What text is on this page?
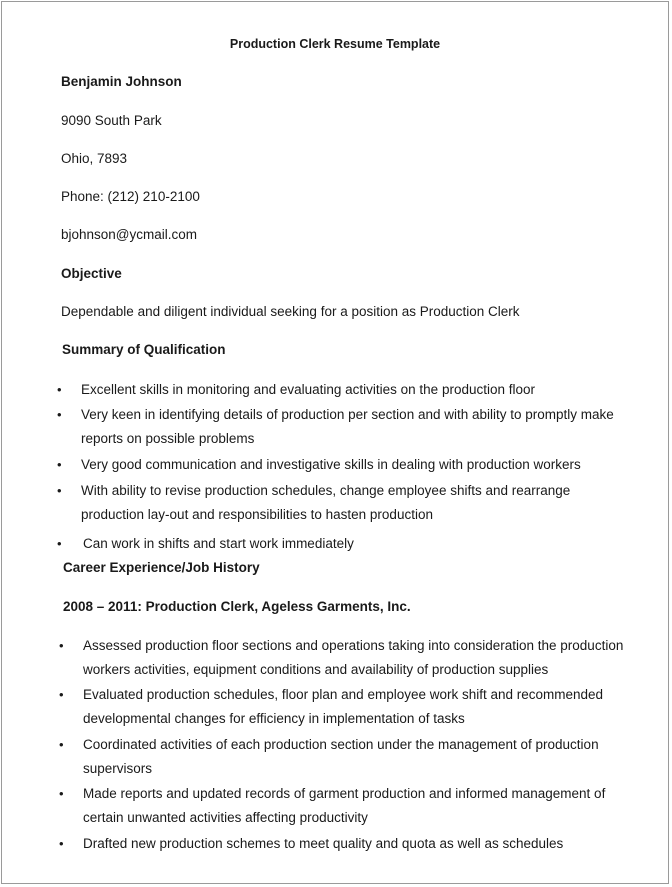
Production Clerk Resume Template
Benjamin Johnson
9090 South Park
Ohio, 7893
Phone: (212) 210-2100
bjohnson@ycmail.com
Objective
Dependable and diligent individual seeking for a position as Production Clerk
Summary of Qualification
• Excellent skills in monitoring and evaluating activities on the production floor
• Very keen in identifying details of production per section and with ability to promptly make reports on possible problems
• Very good communication and investigative skills in dealing with production workers
• With ability to revise production schedules, change employee shifts and rearrange production lay-out and responsibilities to hasten production
• Can work in shifts and start work immediately
Career Experience/Job History
2008 – 2011: Production Clerk, Ageless Garments, Inc.
• Assessed production floor sections and operations taking into consideration the production workers activities, equipment conditions and availability of production supplies
• Evaluated production schedules, floor plan and employee work shift and recommended developmental changes for efficiency in implementation of tasks
• Coordinated activities of each production section under the management of production supervisors
• Made reports and updated records of garment production and informed management of certain unwanted activities affecting productivity
• Drafted new production schemes to meet quality and quota as well as schedules
